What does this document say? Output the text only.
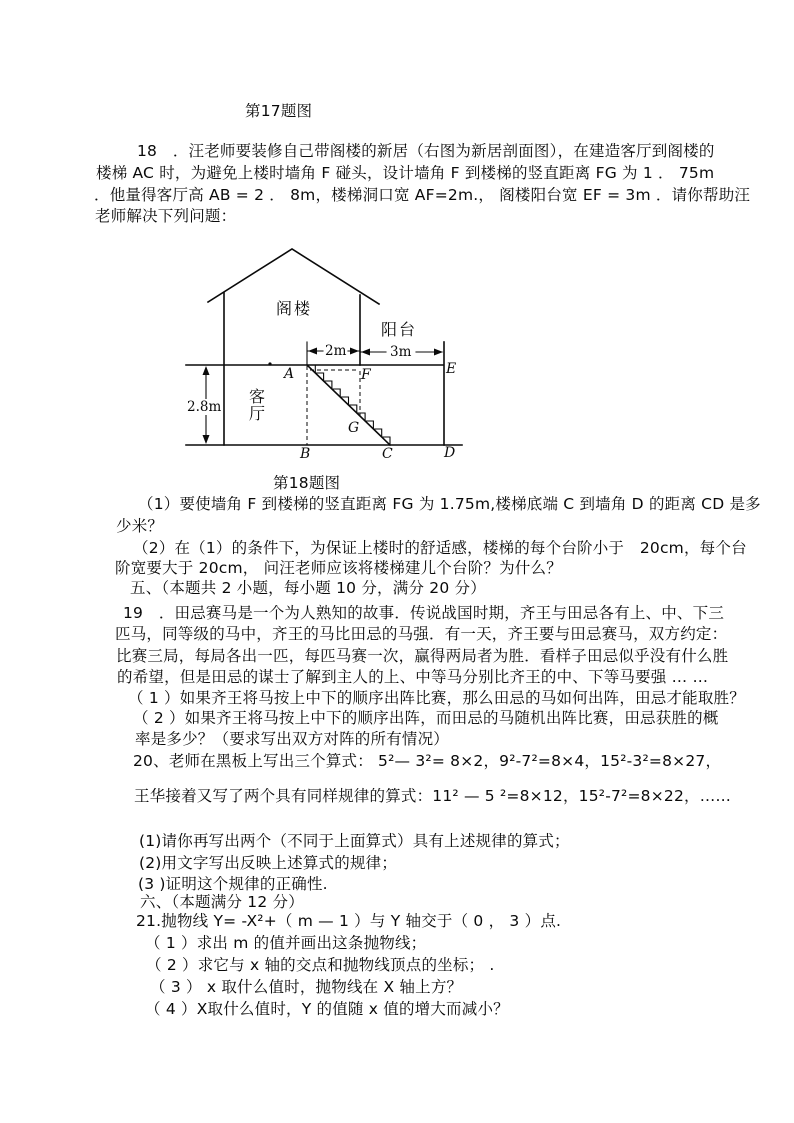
第17题图
18　．汪老师要装修自己带阁楼的新居（右图为新居剖面图），在建造客厅到阁楼的
楼梯 AC 时，为避免上楼时墙角 F 碰头，设计墙角 F 到楼梯的竖直距离 FG 为 1 ． 75m
．他量得客厅高 AB = 2 ． 8m，楼梯洞口宽 AF=2m.， 阁楼阳台宽 EF = 3m ．请你帮助汪
老师解决下列问题：
第18题图
（1）要使墙角 F 到楼梯的竖直距离 FG 为 1.75m,楼梯底端 C 到墙角 D 的距离 CD 是多
少米？
（2）在（1）的条件下，为保证上楼时的舒适感，楼梯的每个台阶小于　20cm，每个台
阶宽要大于 20cm， 问汪老师应该将楼梯建儿个台阶？为什么？
五、（本题共 2 小题，每小题 10 分，满分 20 分）
19　．田忌赛马是一个为人熟知的故事．传说战国时期，齐王与田忌各有上、中、下三
匹马，同等级的马中，齐王的马比田忌的马强．有一天，齐王要与田忌赛马，双方约定：
比赛三局，每局各出一匹，每匹马赛一次，赢得两局者为胜．看样子田忌似乎没有什么胜
的希望，但是田忌的谋士了解到主人的上、中等马分别比齐王的中、下等马要强 … …
（ 1 ）如果齐王将马按上中下的顺序出阵比赛，那么田忌的马如何出阵，田忌才能取胜？
（ 2 ）如果齐王将马按上中下的顺序出阵，而田忌的马随机出阵比赛，田忌获胜的概
率是多少？（要求写出双方对阵的所有情况）
20、老师在黑板上写出三个算式： 5²— 3²= 8×2，9²-7²=8×4，15²-3²=8×27，
王华接着又写了两个具有同样规律的算式：11² — 5 ²=8×12，15²-7²=8×22，……
(1)请你再写出两个（不同于上面算式）具有上述规律的算式；
(2)用文字写出反映上述算式的规律；
(3 )证明这个规律的正确性.
六、（本题满分 12 分）
21.抛物线 Y= -X²+（ m — 1 ）与 Y 轴交于（ 0 ， 3 ）点.
（ 1 ）求出 m 的值并画出这条抛物线；
（ 2 ）求它与 x 轴的交点和抛物线顶点的坐标； .
（ 3 ） x 取什么值时，抛物线在 X 轴上方？
（ 4 ）X取什么值时，Y 的值随 x 值的增大而减小？
阁楼
阳台
客厅
2m	3m
2.8m
A	F	E
B	C	D
G
